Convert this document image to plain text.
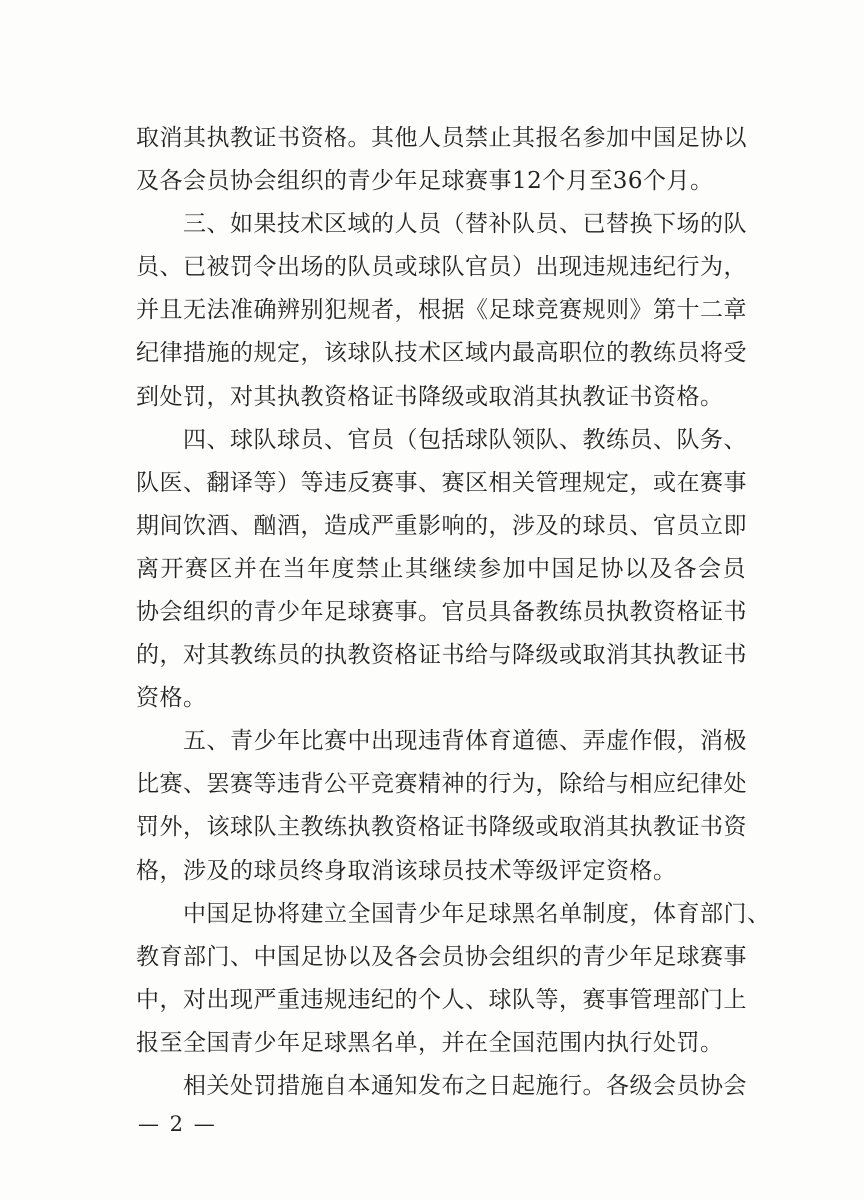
取消其执教证书资格。其他人员禁止其报名参加中国足协以
及各会员协会组织的青少年足球赛事12个月至36个月。
三、如果技术区域的人员（替补队员、已替换下场的队
员、已被罚令出场的队员或球队官员）出现违规违纪行为，
并且无法准确辨别犯规者，根据《足球竞赛规则》第十二章
纪律措施的规定，该球队技术区域内最高职位的教练员将受
到处罚，对其执教资格证书降级或取消其执教证书资格。
四、球队球员、官员（包括球队领队、教练员、队务、
队医、翻译等）等违反赛事、赛区相关管理规定，或在赛事
期间饮酒、酗酒，造成严重影响的，涉及的球员、官员立即
离开赛区并在当年度禁止其继续参加中国足协以及各会员
协会组织的青少年足球赛事。官员具备教练员执教资格证书
的，对其教练员的执教资格证书给与降级或取消其执教证书
资格。
五、青少年比赛中出现违背体育道德、弄虚作假，消极
比赛、罢赛等违背公平竞赛精神的行为，除给与相应纪律处
罚外，该球队主教练执教资格证书降级或取消其执教证书资
格，涉及的球员终身取消该球员技术等级评定资格。
中国足协将建立全国青少年足球黑名单制度，体育部门、
教育部门、中国足协以及各会员协会组织的青少年足球赛事
中，对出现严重违规违纪的个人、球队等，赛事管理部门上
报至全国青少年足球黑名单，并在全国范围内执行处罚。
相关处罚措施自本通知发布之日起施行。各级会员协会
— 2 —
